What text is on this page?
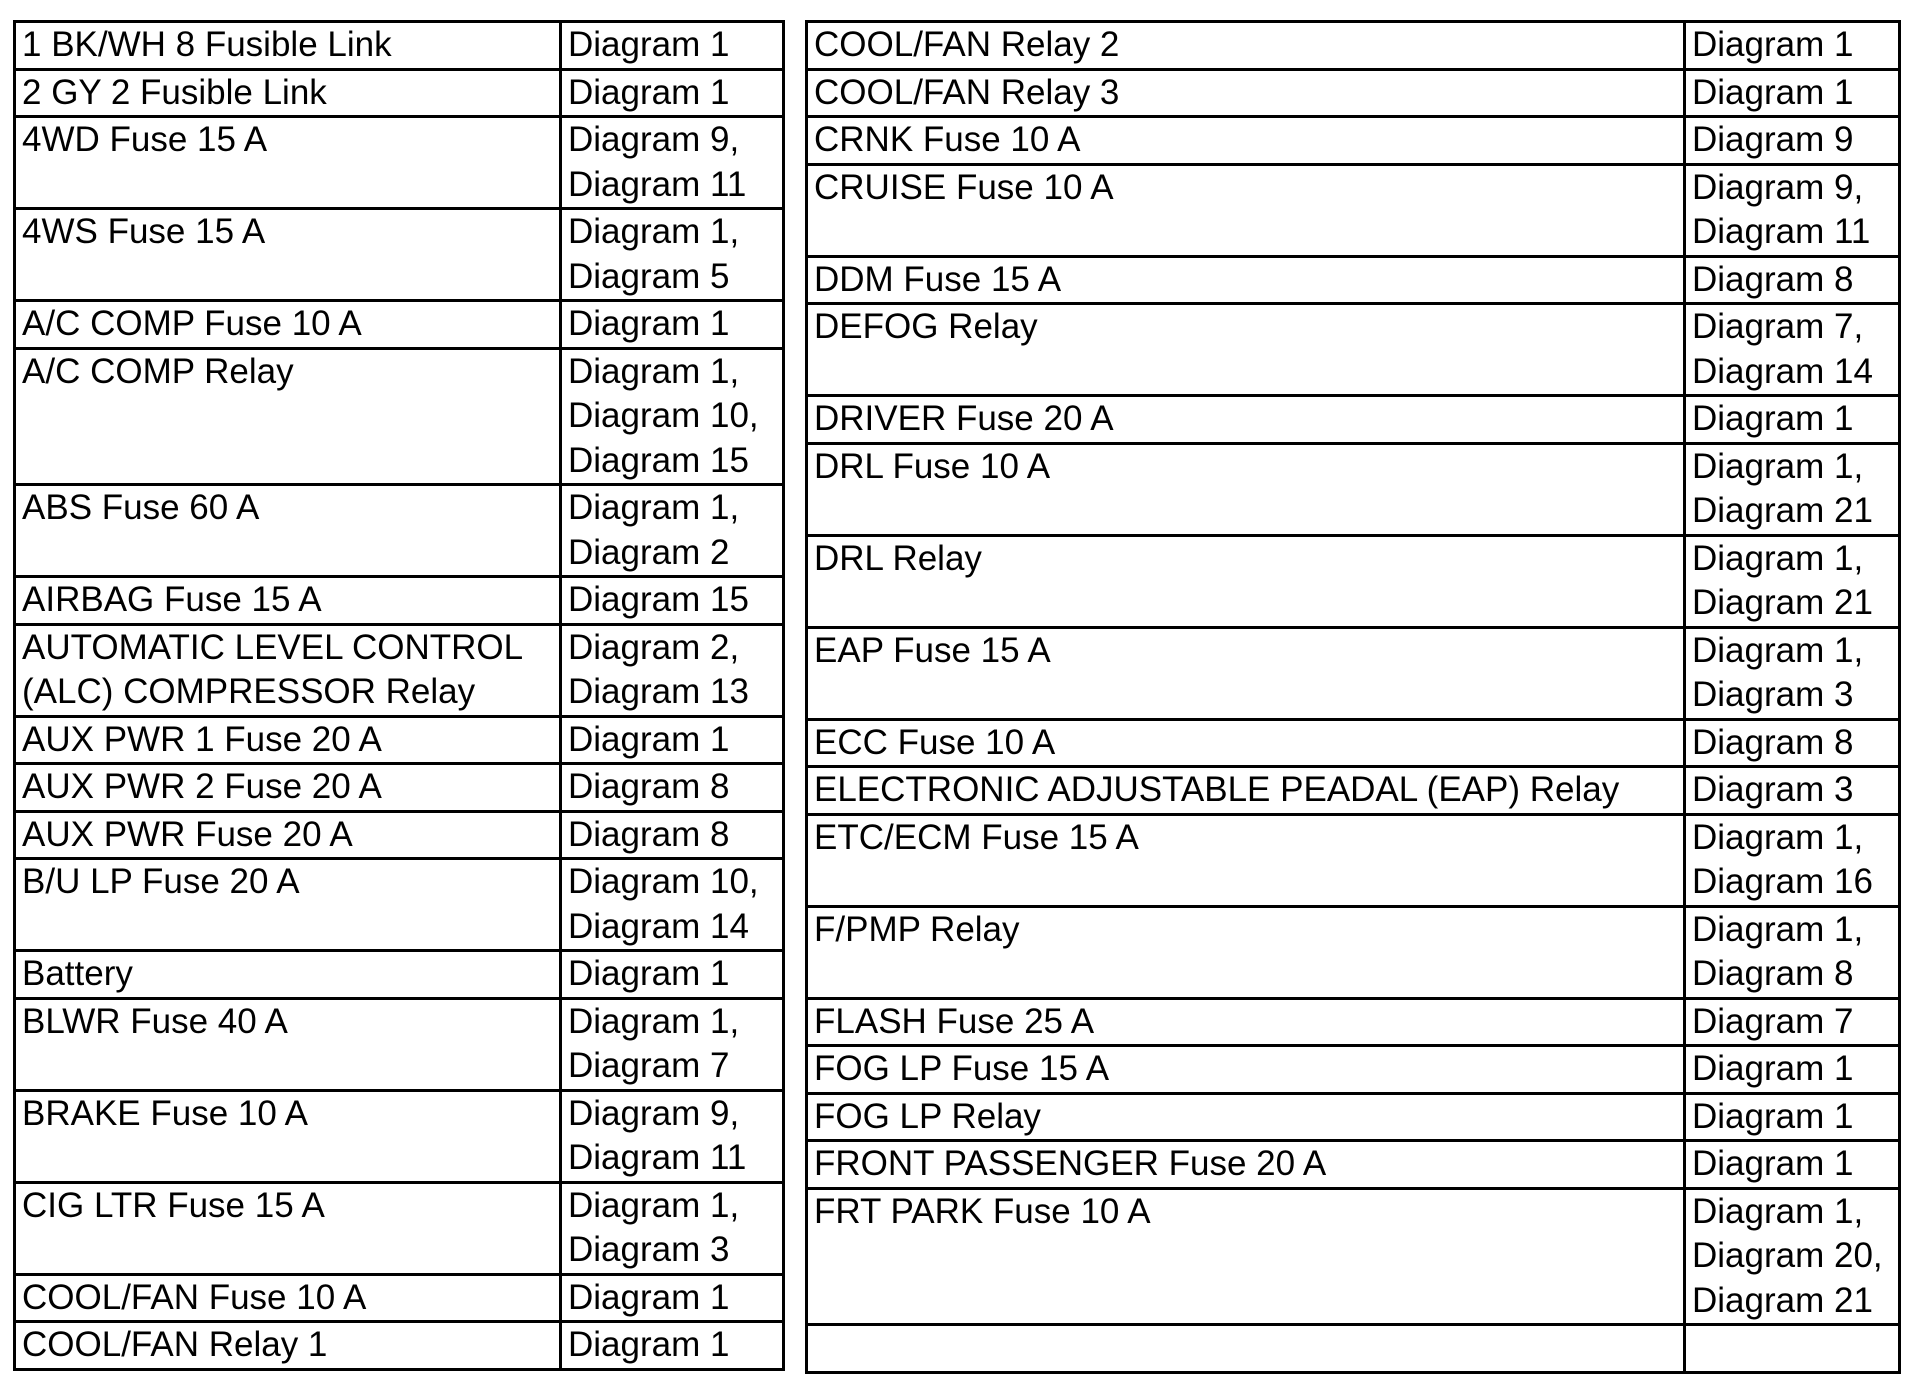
1 BK/WH 8 Fusible Link	Diagram 1

2 GY 2 Fusible Link	Diagram 1

4WD Fuse 15 A	Diagram 9,
Diagram 11

4WS Fuse 15 A	Diagram 1,
Diagram 5

A/C COMP Fuse 10 A	Diagram 1

A/C COMP Relay	Diagram 1,
Diagram 10,
Diagram 15

ABS Fuse 60 A	Diagram 1,
Diagram 2

AIRBAG Fuse 15 A	Diagram 15

AUTOMATIC LEVEL CONTROL
(ALC) COMPRESSOR Relay	Diagram 2,
Diagram 13

AUX PWR 1 Fuse 20 A	Diagram 1

AUX PWR 2 Fuse 20 A	Diagram 8

AUX PWR Fuse 20 A	Diagram 8

B/U LP Fuse 20 A	Diagram 10,
Diagram 14

Battery	Diagram 1

BLWR Fuse 40 A	Diagram 1,
Diagram 7

BRAKE Fuse 10 A	Diagram 9,
Diagram 11

CIG LTR Fuse 15 A	Diagram 1,
Diagram 3

COOL/FAN Fuse 10 A	Diagram 1

COOL/FAN Relay 1	Diagram 1
COOL/FAN Relay 2	Diagram 1

COOL/FAN Relay 3	Diagram 1

CRNK Fuse 10 A	Diagram 9

CRUISE Fuse 10 A	Diagram 9,
Diagram 11

DDM Fuse 15 A	Diagram 8

DEFOG Relay	Diagram 7,
Diagram 14

DRIVER Fuse 20 A	Diagram 1

DRL Fuse 10 A	Diagram 1,
Diagram 21

DRL Relay	Diagram 1,
Diagram 21

EAP Fuse 15 A	Diagram 1,
Diagram 3

ECC Fuse 10 A	Diagram 8

ELECTRONIC ADJUSTABLE PEADAL (EAP) Relay	Diagram 3

ETC/ECM Fuse 15 A	Diagram 1,
Diagram 16

F/PMP Relay	Diagram 1,
Diagram 8

FLASH Fuse 25 A	Diagram 7

FOG LP Fuse 15 A	Diagram 1

FOG LP Relay	Diagram 1

FRONT PASSENGER Fuse 20 A	Diagram 1

FRT PARK Fuse 10 A	Diagram 1,
Diagram 20,
Diagram 21
